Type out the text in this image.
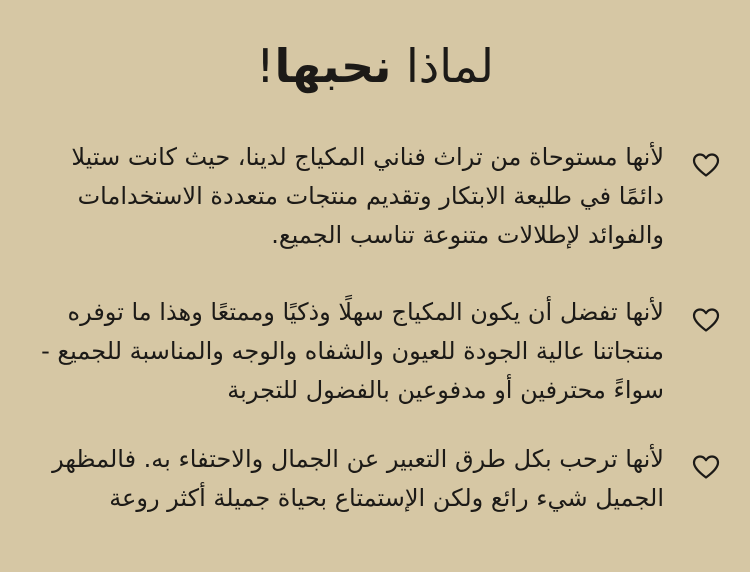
لماذا نحبها!

لأنها مستوحاة من تراث فناني المكياج لدينا، حيث كانت ستيلا دائمًا في طليعة الابتكار وتقديم منتجات متعددة الاستخدامات والفوائد لإطلالات متنوعة تناسب الجميع.

لأنها تفضل أن يكون المكياج سهلًا وذكيًا وممتعًا وهذا ما توفره منتجاتنا عالية الجودة للعيون والشفاه والوجه والمناسبة للجميع - سواءً محترفين أو مدفوعين بالفضول للتجربة

لأنها ترحب بكل طرق التعبير عن الجمال والاحتفاء به. فالمظهر الجميل شيء رائع ولكن الإستمتاع بحياة جميلة أكثر روعة
